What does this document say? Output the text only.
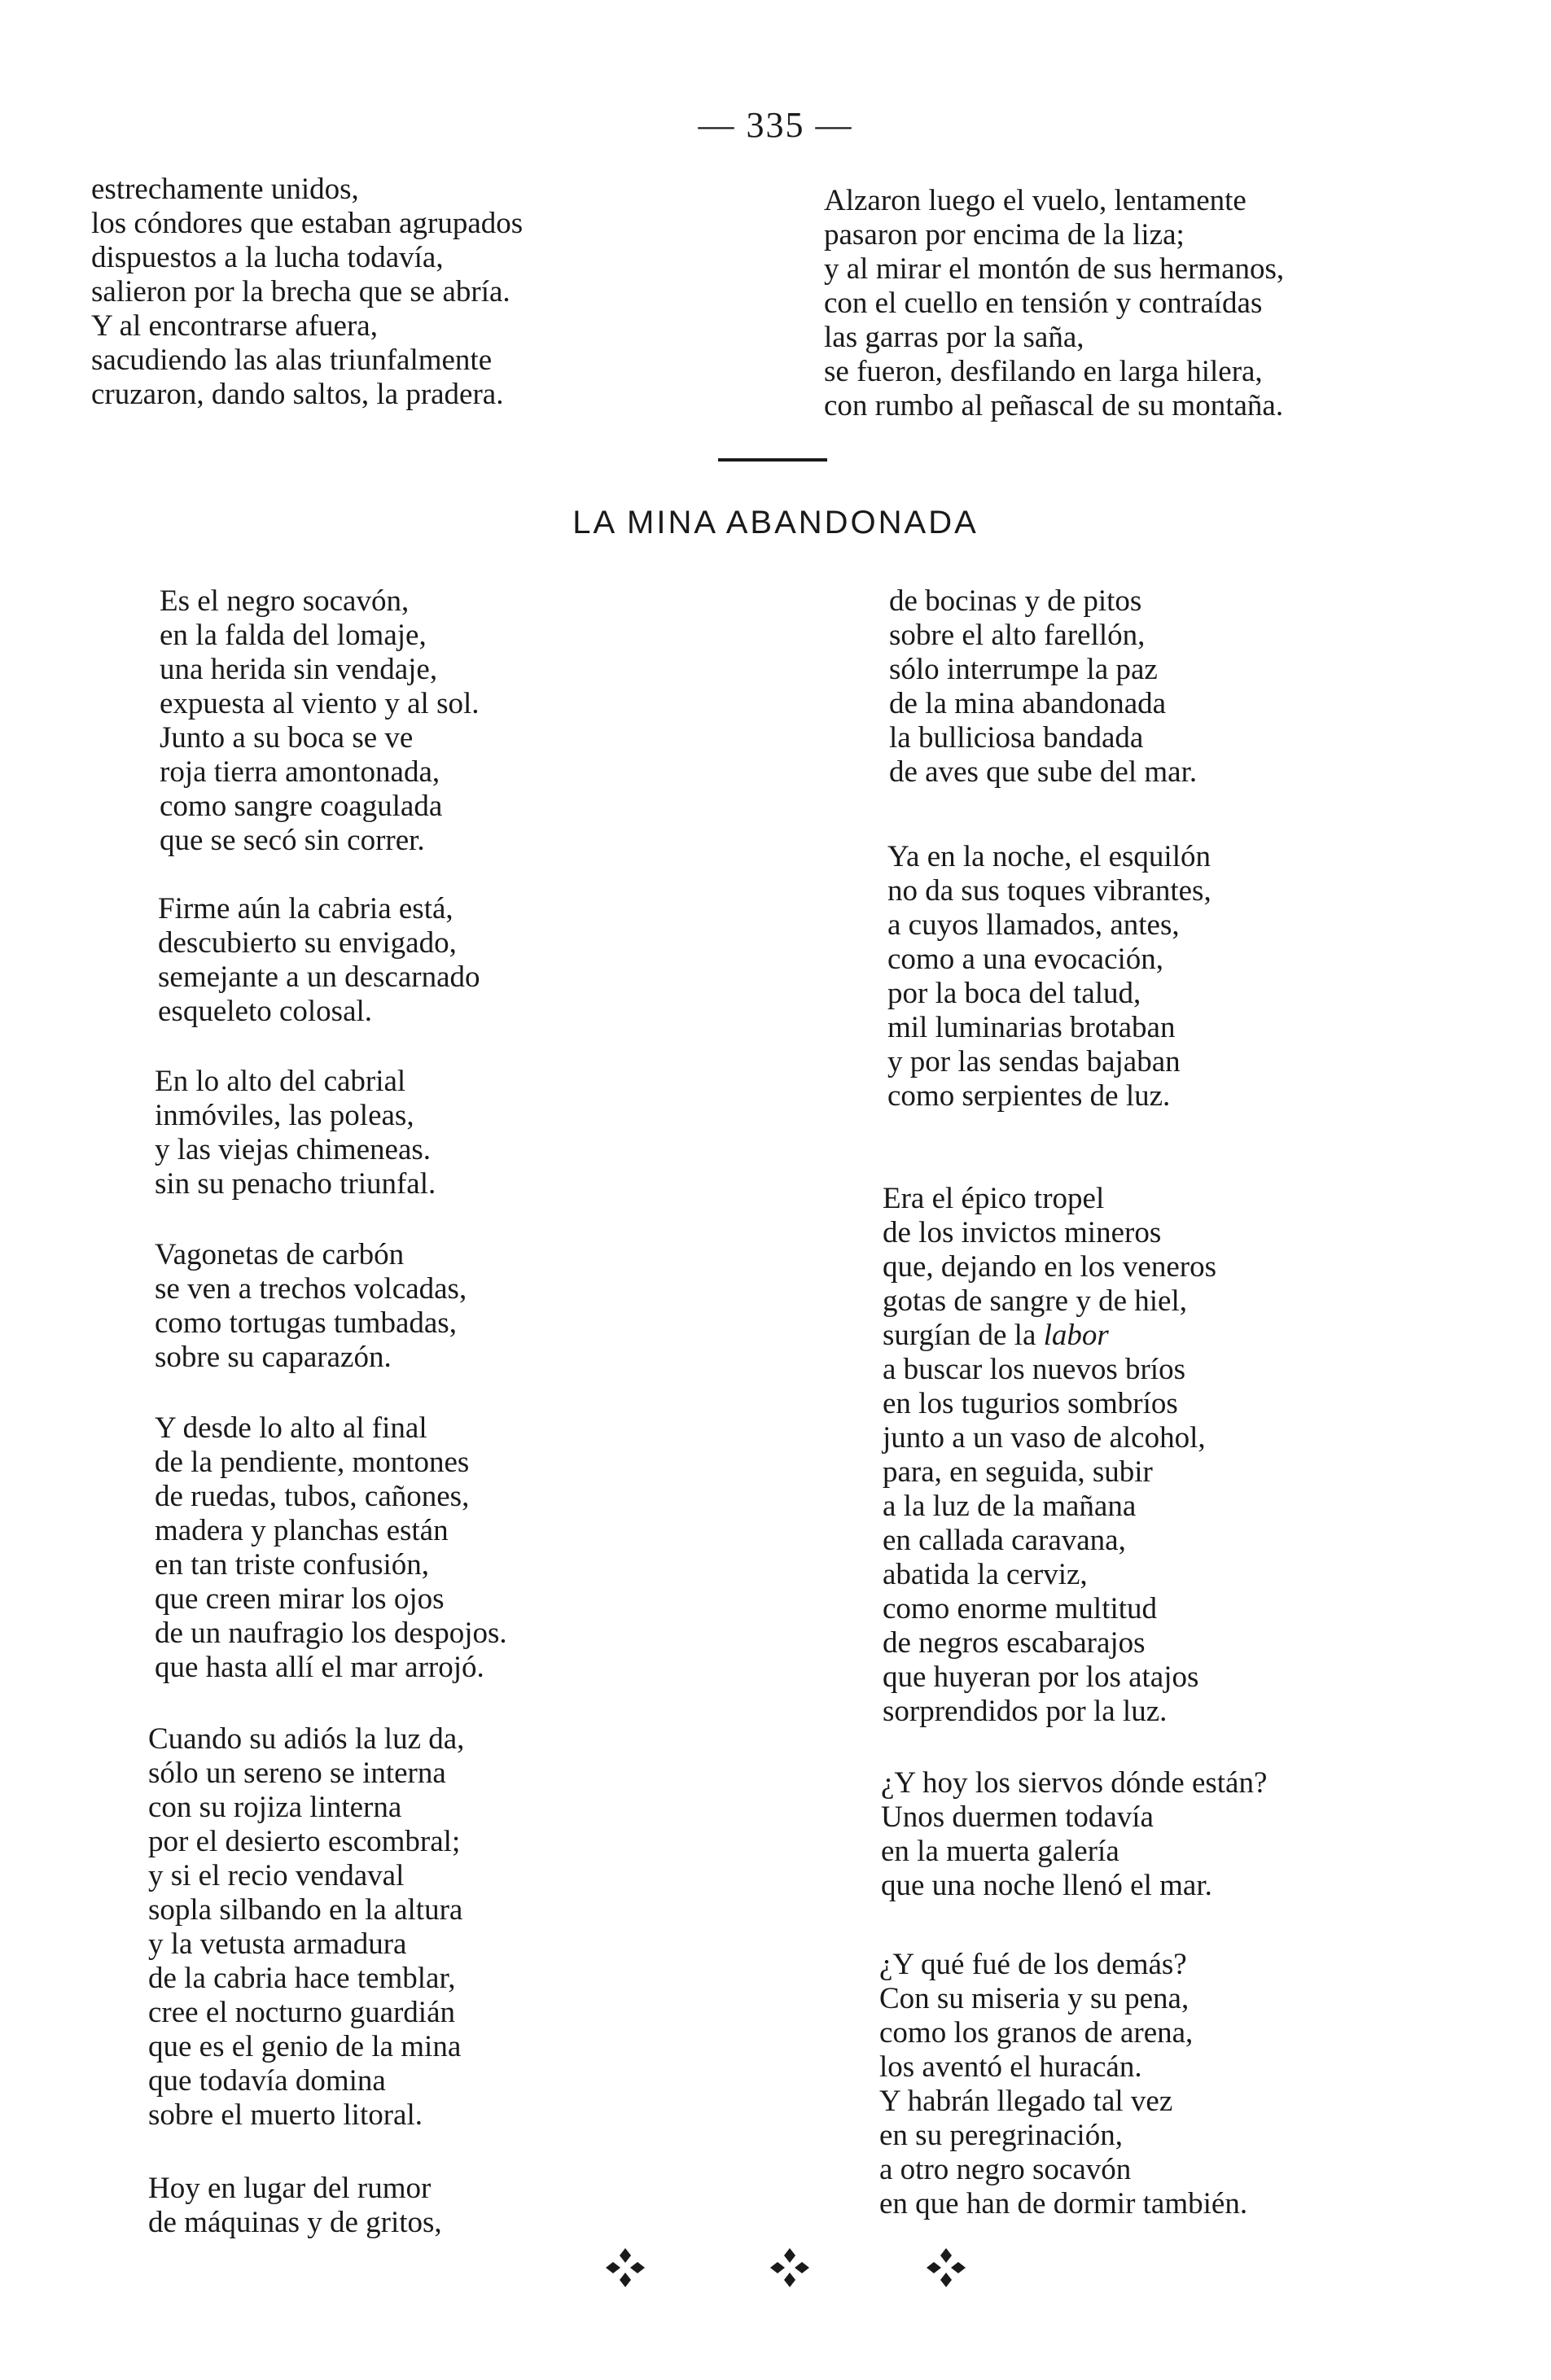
— 335 —
estrechamente unidos,
los cóndores que estaban agrupados
dispuestos a la lucha todavía,
salieron por la brecha que se abría.
Y al encontrarse afuera,
sacudiendo las alas triunfalmente
cruzaron, dando saltos, la pradera.
Alzaron luego el vuelo, lentamente
pasaron por encima de la liza;
y al mirar el montón de sus hermanos,
con el cuello en tensión y contraídas
las garras por la saña,
se fueron, desfilando en larga hilera,
con rumbo al peñascal de su montaña.
LA MINA ABANDONADA
Es el negro socavón,
en la falda del lomaje,
una herida sin vendaje,
expuesta al viento y al sol.
Junto a su boca se ve
roja tierra amontonada,
como sangre coagulada
que se secó sin correr.
Firme aún la cabria está,
descubierto su envigado,
semejante a un descarnado
esqueleto colosal.
En lo alto del cabrial
inmóviles, las poleas,
y las viejas chimeneas.
sin su penacho triunfal.
Vagonetas de carbón
se ven a trechos volcadas,
como tortugas tumbadas,
sobre su caparazón.
Y desde lo alto al final
de la pendiente, montones
de ruedas, tubos, cañones,
madera y planchas están
en tan triste confusión,
que creen mirar los ojos
de un naufragio los despojos.
que hasta allí el mar arrojó.
Cuando su adiós la luz da,
sólo un sereno se interna
con su rojiza linterna
por el desierto escombral;
y si el recio vendaval
sopla silbando en la altura
y la vetusta armadura
de la cabria hace temblar,
cree el nocturno guardián
que es el genio de la mina
que todavía domina
sobre el muerto litoral.
Hoy en lugar del rumor
de máquinas y de gritos,
de bocinas y de pitos
sobre el alto farellón,
sólo interrumpe la paz
de la mina abandonada
la bulliciosa bandada
de aves que sube del mar.
Ya en la noche, el esquilón
no da sus toques vibrantes,
a cuyos llamados, antes,
como a una evocación,
por la boca del talud,
mil luminarias brotaban
y por las sendas bajaban
como serpientes de luz.
Era el épico tropel
de los invictos mineros
que, dejando en los veneros
gotas de sangre y de hiel,
surgían de la labor
a buscar los nuevos bríos
en los tugurios sombríos
junto a un vaso de alcohol,
para, en seguida, subir
a la luz de la mañana
en callada caravana,
abatida la cerviz,
como enorme multitud
de negros escabarajos
que huyeran por los atajos
sorprendidos por la luz.
¿Y hoy los siervos dónde están?
Unos duermen todavía
en la muerta galería
que una noche llenó el mar.
¿Y qué fué de los demás?
Con su miseria y su pena,
como los granos de arena,
los aventó el huracán.
Y habrán llegado tal vez
en su peregrinación,
a otro negro socavón
en que han de dormir también.
